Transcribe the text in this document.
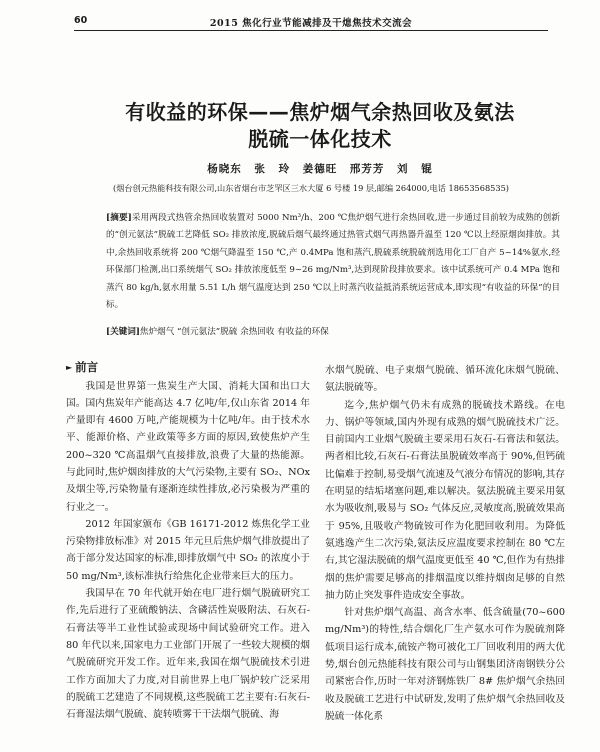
60	2015 焦化行业节能减排及干熄焦技术交流会
有收益的环保——焦炉烟气余热回收及氨法
脱硫一体化技术
杨晓东 张 玲 姜德旺 邢芳芳 刘 锟
(烟台创元热能科技有限公司,山东省烟台市芝罘区三水大厦 6 号楼 19 层,邮编 264000,电话 18653568535)
[摘要]采用两段式热管余热回收装置对 5000 Nm³/h、200 ℃焦炉烟气进行余热回收,进一步通过目前较为成熟的创新的“创元氨法”脱硫工艺降低 SO₂ 排放浓度,脱硫后烟气最终通过热管式烟气再热器升温至 120 ℃以上经原烟囱排放。其中,余热回收系统将 200 ℃烟气降温至 150 ℃,产 0.4MPa 饱和蒸汽,脱硫系统脱硫剂选用化工厂自产 5~14%氨水,经环保部门检测,出口系统烟气 SO₂ 排放浓度低至 9~26 mg/Nm³,达到现阶段排放要求。该中试系统可产 0.4 MPa 饱和蒸汽 80 kg/h,氨水用量 5.51 L/h 烟气温度达到 250 ℃以上时蒸汽收益抵消系统运营成本,即实现“有收益的环保”的目标。
[关键词]焦炉烟气 “创元氨法”脱硫 余热回收 有收益的环保
► 前言

我国是世界第一焦炭生产大国、消耗大国和出口大国。国内焦炭年产能高达 4.7 亿吨/年,仅山东省 2014 年产量即有 4600 万吨,产能规模为十亿吨/年。由于技术水平、能源价格、产业政策等多方面的原因,致使焦炉产生 200~320 ℃高温烟气直接排放,浪费了大量的热能源。与此同时,焦炉烟囱排放的大气污染物,主要有 SO₂、NOx 及烟尘等,污染物量有逐渐连续性排放,必污染极为严重的行业之一。

2012 年国家颁布《GB 16171-2012 炼焦化学工业污染物排放标准》对 2015 年元旦后焦炉烟气排放提出了高于部分发达国家的标准,即排放烟气中 SO₂ 的浓度小于 50 mg/Nm³,该标准执行给焦化企业带来巨大的压力。

我国早在 70 年代就开始在电厂进行烟气脱硫研究工作,先后进行了亚硫酸钠法、含磷活性炭吸附法、石灰石-石膏法等半工业性试验或现场中间试验研究工作。进入 80 年代以来,国家电力工业部门开展了一些较大规模的烟气脱硫研究开发工作。近年来,我国在烟气脱硫技术引进工作方面加大了力度,对目前世界上电厂锅炉较广泛采用的脱硫工艺建造了不同规模,这些脱硫工艺主要有:石灰石-石膏湿法烟气脱硫、旋转喷雾干干法烟气脱硫、海

水烟气脱硫、电子束烟气脱硫、循环流化床烟气脱硫、氨法脱硫等。

迄今,焦炉烟气仍未有成熟的脱硫技术路线。在电力、锅炉等领域,国内外现有成熟的烟气脱硫技术广泛。目前国内工业烟气脱硫主要采用石灰石-石膏法和氨法。两者相比较,石灰石-石膏法虽脱硫效率高于 90%,但钙硫比偏难于控制,易受烟气流速及气液分布情况的影响,其存在明显的结垢堵塞问题,难以解决。氨法脱硫主要采用氨水为吸收剂,吸易与 SO₂ 气体反应,灵敏度高,脱硫效果高于 95%,且吸收产物硫铵可作为化肥回收利用。为降低氨逃逸产生二次污染,氨法反应温度要求控制在 80 ℃左右,其它湿法脱硫的烟气温度更低至 40 ℃,但作为有热排烟的焦炉需要足够高的排烟温度以维持烟囱足够的自然抽力防止突发事件造成安全事故。

针对焦炉烟气高温、高含水率、低含硫量(70~600 mg/Nm³)的特性,结合烟化厂生产氨水可作为脱硫剂降低项目运行成本,硫铵产物可被化工厂回收利用的两大优势,烟台创元热能科技有限公司与山钢集团济南钢铁分公司紧密合作,历时一年对济钢炼铁厂 8# 焦炉烟气余热回收及脱硫工艺进行中试研发,发明了焦炉烟气余热回收及脱硫一体化系
